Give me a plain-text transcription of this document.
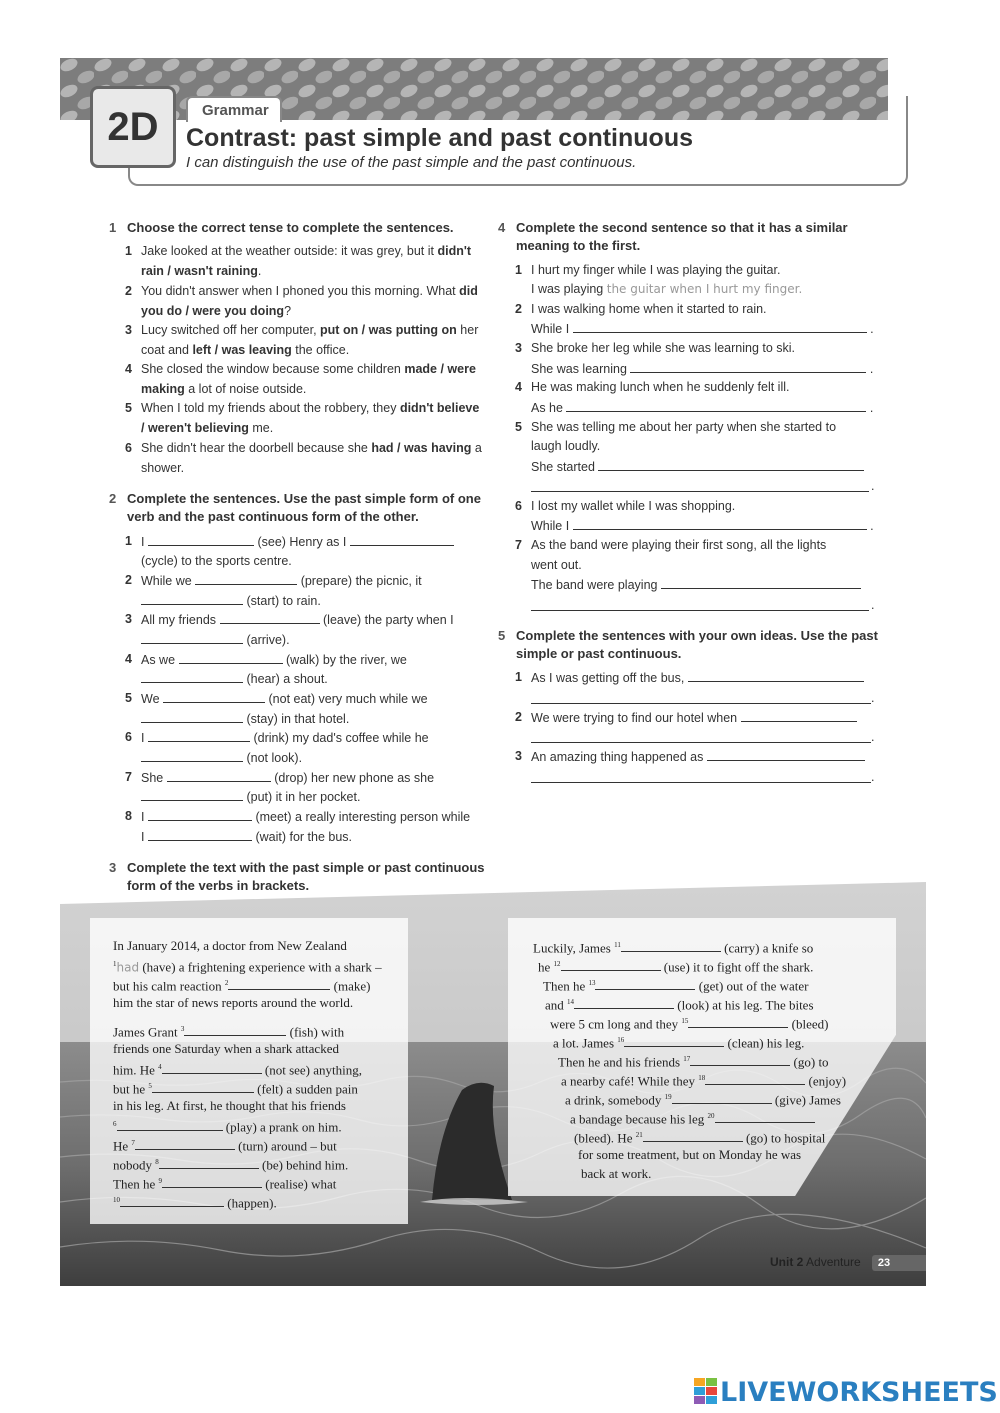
Grammar
2D	Contrast: past simple and past continuous
I can distinguish the use of the past simple and the past continuous.
1 Choose the correct tense to complete the sentences.
1 Jake looked at the weather outside: it was grey, but it didn't rain / wasn't raining.
2 You didn't answer when I phoned you this morning. What did you do / were you doing?
3 Lucy switched off her computer, put on / was putting on her coat and left / was leaving the office.
4 She closed the window because some children made / were making a lot of noise outside.
5 When I told my friends about the robbery, they didn't believe / weren't believing me.
6 She didn't hear the doorbell because she had / was having a shower.
2 Complete the sentences. Use the past simple form of one
verb and the past continuous form of the other.
1 I	(see) Henry as I
(cycle) to the sports centre.
2 While we	(prepare) the picnic, it
(start) to rain.
3 All my friends	(leave) the party when I
(arrive).
4 As we	(walk) by the river, we
(hear) a shout.
5 We	(not eat) very much while we
(stay) in that hotel.
6 I	(drink) my dad's coffee while he
(not look).
7 She	(drop) her new phone as she
(put) it in her pocket.
8 I	(meet) a really interesting person while
I	(wait) for the bus.
3 Complete the text with the past simple or past continuous
form of the verbs in brackets.
4 Complete the second sentence so that it has a similar
meaning to the first.
1 I hurt my finger while I was playing the guitar.
I was playing the guitar when I hurt my finger.
2 I was walking home when it started to rain.
While I	.
3 She broke her leg while she was learning to ski.
She was learning	.
4 He was making lunch when he suddenly felt ill.
As he	.
5 She was telling me about her party when she started to
laugh loudly.
She started
.
6 I lost my wallet while I was shopping.
While I	.
7 As the band were playing their first song, all the lights
went out.
The band were playing
.
5 Complete the sentences with your own ideas. Use the past
simple or past continuous.
1 As I was getting off the bus,
.
2 We were trying to find our hotel when
.
3 An amazing thing happened as
.
In January 2014, a doctor from New Zealand
$^1$had (have) a frightening experience with a shark –
but his calm reaction $^2$	(make)
him the star of news reports around the world.
James Grant $^3$	(fish) with
friends one Saturday when a shark attacked
him. He $^4$	(not see) anything,
but he $^5$	(felt) a sudden pain
in his leg. At first, he thought that his friends
$^6$	(play) a prank on him.
He $^7$	(turn) around – but
nobody $^8$	(be) behind him.
Then he $^9$	(realise) what
$^{10}$	(happen).
Luckily, James $^{11}$	(carry) a knife so
he $^{12}$	(use) it to fight off the shark.
Then he $^{13}$	(get) out of the water
and $^{14}$	(look) at his leg. The bites
were 5 cm long and they $^{15}$	(bleed)
a lot. James $^{16}$	(clean) his leg.
Then he and his friends $^{17}$	(go) to
a nearby café! While they $^{18}$	(enjoy)
a drink, somebody $^{19}$	(give) James
a bandage because his leg $^{20}$
(bleed). He $^{21}$	(go) to hospital
for some treatment, but on Monday he was
back at work.
Unit 2 Adventure	23
LIVEWORKSHEETS
